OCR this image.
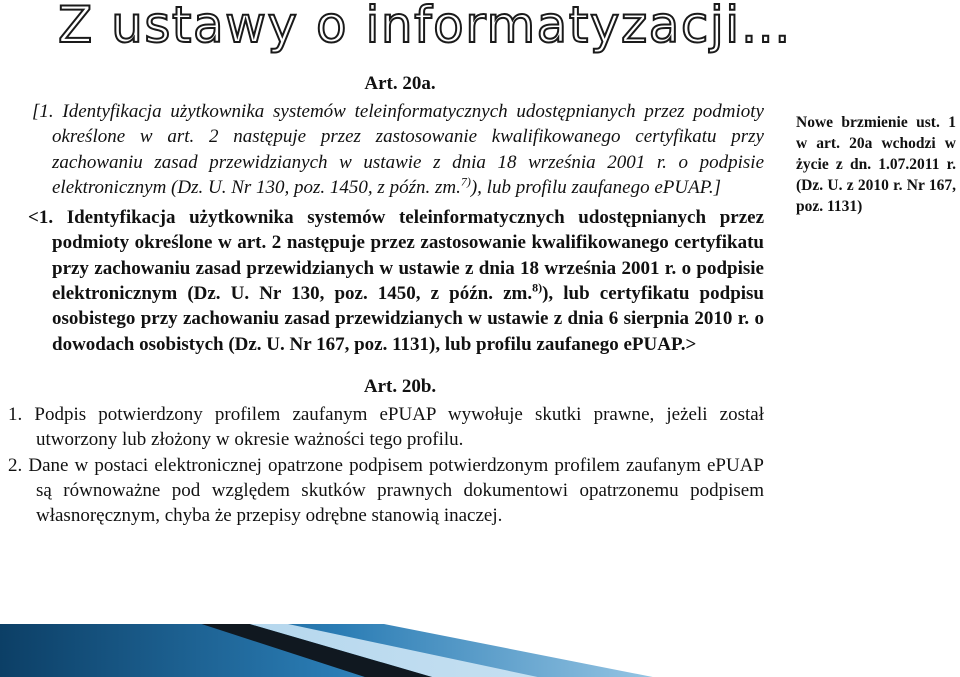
Z ustawy o informatyzacji…
Art. 20a.

[1. Identyfikacja użytkownika systemów teleinformatycznych udostępnianych przez podmioty określone w art. 2 następuje przez zastosowanie kwalifikowanego certyfikatu przy zachowaniu zasad przewidzianych w ustawie z dnia 18 września 2001 r. o podpisie elektronicznym (Dz. U. Nr 130, poz. 1450, z późn. zm.$^{7)}$), lub profilu zaufanego ePUAP.]

<1. Identyfikacja użytkownika systemów teleinformatycznych udostępnianych przez podmioty określone w art. 2 następuje przez zastosowanie kwalifikowanego certyfikatu przy zachowaniu zasad przewidzianych w ustawie z dnia 18 września 2001 r. o podpisie elektronicznym (Dz. U. Nr 130, poz. 1450, z późn. zm.$^{8)}$), lub certyfikatu podpisu osobistego przy zachowaniu zasad przewidzianych w ustawie z dnia 6 sierpnia 2010 r. o dowodach osobistych (Dz. U. Nr 167, poz. 1131), lub profilu zaufanego ePUAP.>

Art. 20b.
1. Podpis potwierdzony profilem zaufanym ePUAP wywołuje skutki prawne, jeżeli został utworzony lub złożony w okresie ważności tego profilu.
2. Dane w postaci elektronicznej opatrzone podpisem potwierdzonym profilem zaufanym ePUAP są równoważne pod względem skutków prawnych dokumentowi opatrzonemu podpisem własnoręcznym, chyba że przepisy odrębne stanowią inaczej.
Nowe brzmienie ust. 1 w art. 20a wchodzi w życie z dn. 1.07.2011 r. (Dz. U. z 2010 r. Nr 167, poz. 1131)
